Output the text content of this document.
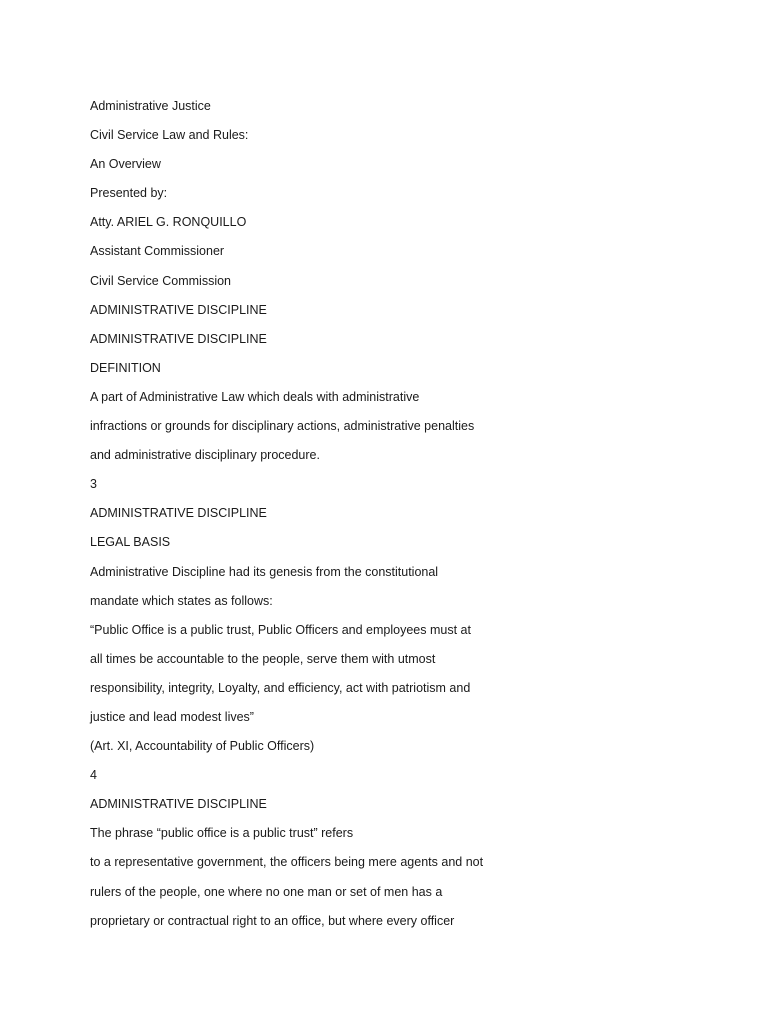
Administrative Justice

Civil Service Law and Rules:

An Overview

Presented by:

Atty. ARIEL G. RONQUILLO

Assistant Commissioner

Civil Service Commission

ADMINISTRATIVE DISCIPLINE

ADMINISTRATIVE DISCIPLINE

DEFINITION

A part of Administrative Law which deals with administrative

infractions or grounds for disciplinary actions, administrative penalties

and administrative disciplinary procedure.

3

ADMINISTRATIVE DISCIPLINE

LEGAL BASIS

Administrative Discipline had its genesis from the constitutional

mandate which states as follows:

“Public Office is a public trust, Public Officers and employees must at

all times be accountable to the people, serve them with utmost

responsibility, integrity, Loyalty, and efficiency, act with patriotism and

justice and lead modest lives”

(Art. XI, Accountability of Public Officers)

4

ADMINISTRATIVE DISCIPLINE

The phrase “public office is a public trust” refers

to a representative government, the officers being mere agents and not

rulers of the people, one where no one man or set of men has a

proprietary or contractual right to an office, but where every officer
